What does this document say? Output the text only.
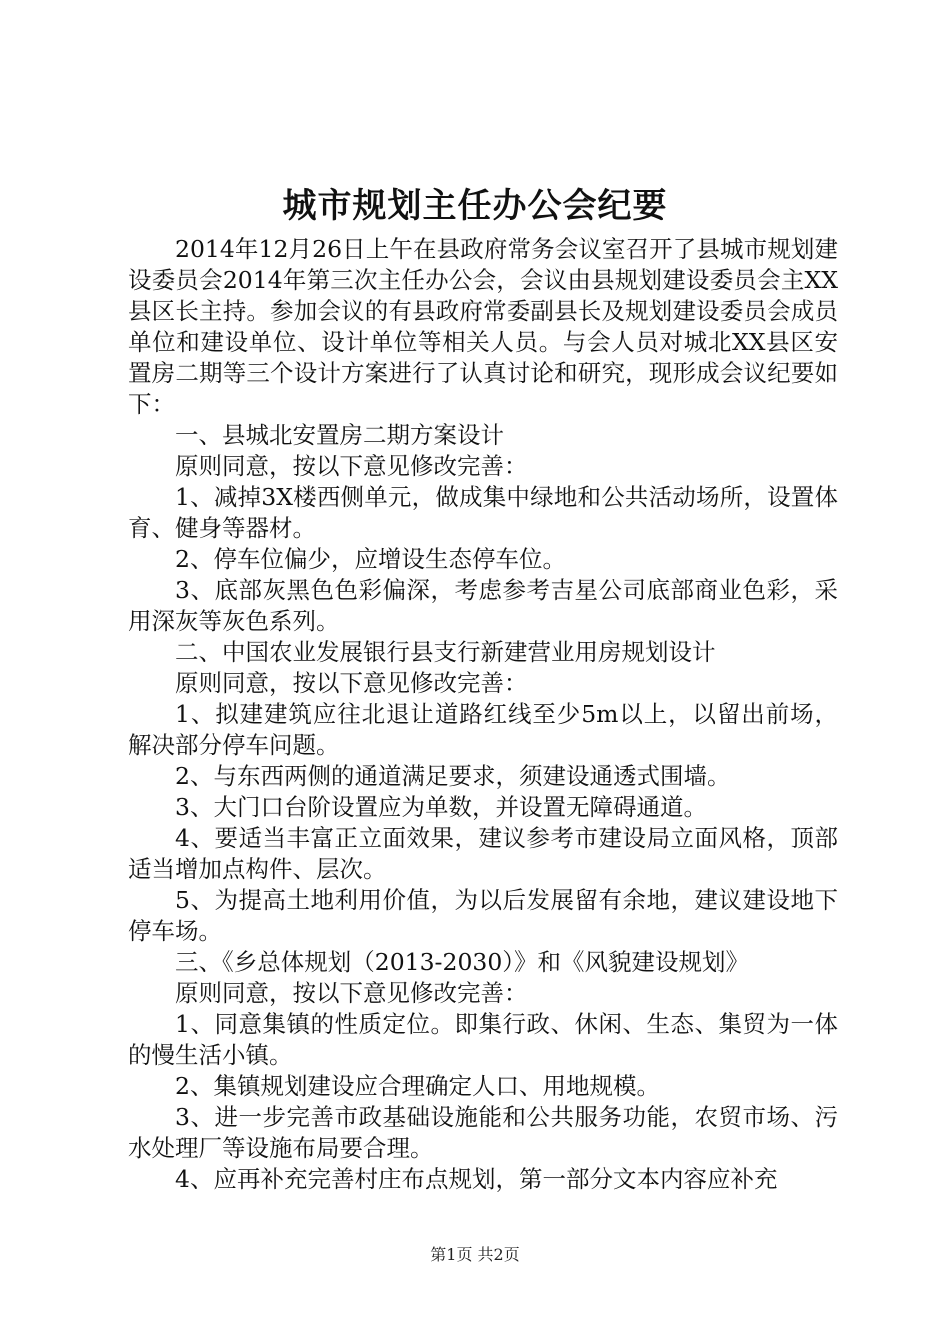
城市规划主任办公会纪要

2014年12月26日上午在县政府常务会议室召开了县城市规划建设委员会2014年第三次主任办公会，会议由县规划建设委员会主XX县区长主持。参加会议的有县政府常委副县长及规划建设委员会成员单位和建设单位、设计单位等相关人员。与会人员对城北XX县区安置房二期等三个设计方案进行了认真讨论和研究，现形成会议纪要如下：

一、县城北安置房二期方案设计

原则同意，按以下意见修改完善：

1、减掉3X楼西侧单元，做成集中绿地和公共活动场所，设置体育、健身等器材。

2、停车位偏少，应增设生态停车位。

3、底部灰黑色色彩偏深，考虑参考吉星公司底部商业色彩，采用深灰等灰色系列。

二、中国农业发展银行县支行新建营业用房规划设计

原则同意，按以下意见修改完善：

1、拟建建筑应往北退让道路红线至少5m以上，以留出前场，解决部分停车问题。

2、与东西两侧的通道满足要求，须建设通透式围墙。

3、大门口台阶设置应为单数，并设置无障碍通道。

4、要适当丰富正立面效果，建议参考市建设局立面风格，顶部适当增加点构件、层次。

5、为提高土地利用价值，为以后发展留有余地，建议建设地下停车场。

三、《乡总体规划（2013-2030）》和《风貌建设规划》

原则同意，按以下意见修改完善：

1、同意集镇的性质定位。即集行政、休闲、生态、集贸为一体的慢生活小镇。

2、集镇规划建设应合理确定人口、用地规模。

3、进一步完善市政基础设施能和公共服务功能，农贸市场、污水处理厂等设施布局要合理。

4、应再补充完善村庄布点规划，第一部分文本内容应补充

第1页 共2页
